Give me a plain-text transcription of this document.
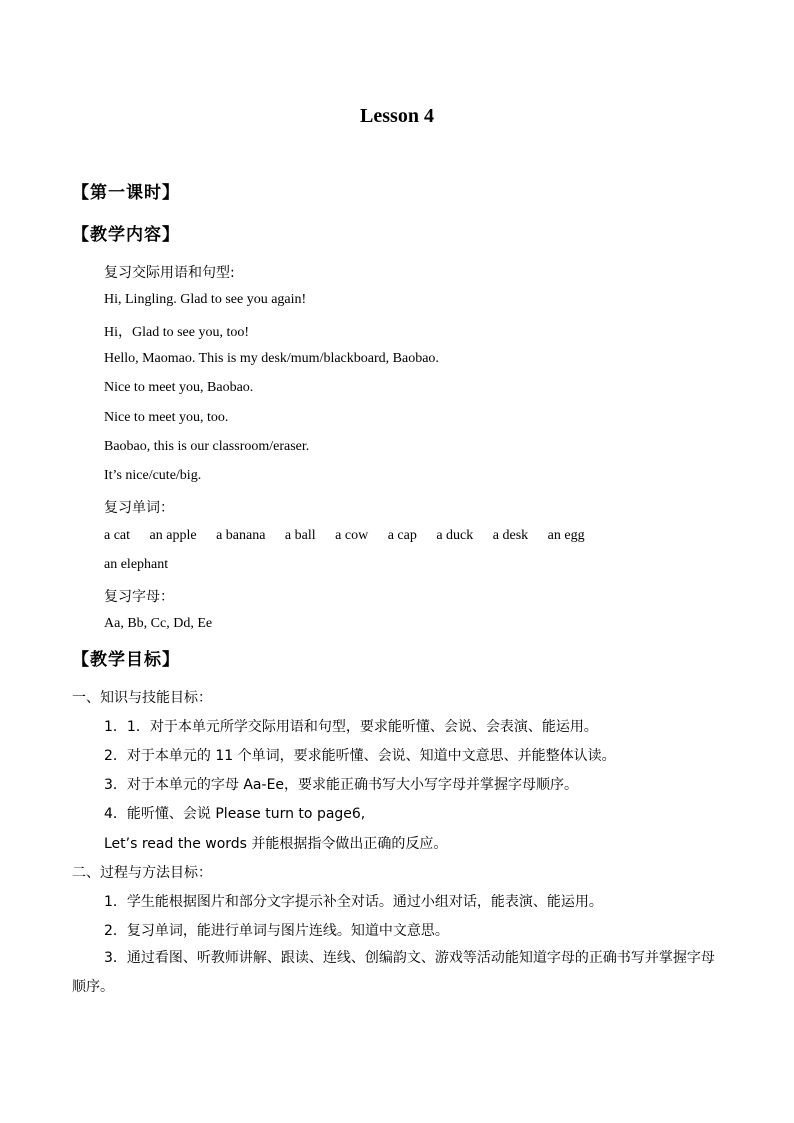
Lesson 4
【第一课时】
【教学内容】
复习交际用语和句型:
Hi, Lingling. Glad to see you again!
Hi，Glad to see you, too!
Hello, Maomao. This is my desk/mum/blackboard, Baobao.
Nice to meet you, Baobao.
Nice to meet you, too.
Baobao, this is our classroom/eraser.
It’s nice/cute/big.
复习单词：
a cat an apple a banana a ball a cow a cap a duck a desk an egg
an elephant
复习字母：
Aa, Bb, Cc, Dd, Ee
【教学目标】
一、知识与技能目标：
1．1．对于本单元所学交际用语和句型，要求能听懂、会说、会表演、能运用。
2．对于本单元的 11 个单词，要求能听懂、会说、知道中文意思、并能整体认读。
3．对于本单元的字母 Aa-Ee，要求能正确书写大小写字母并掌握字母顺序。
4．能听懂、会说 Please turn to page6,
Let’s read the words 并能根据指令做出正确的反应。
二、过程与方法目标：
1．学生能根据图片和部分文字提示补全对话。通过小组对话，能表演、能运用。
2．复习单词，能进行单词与图片连线。知道中文意思。
3．通过看图、听教师讲解、跟读、连线、创编韵文、游戏等活动能知道字母的正确书写并掌握字母顺序。
